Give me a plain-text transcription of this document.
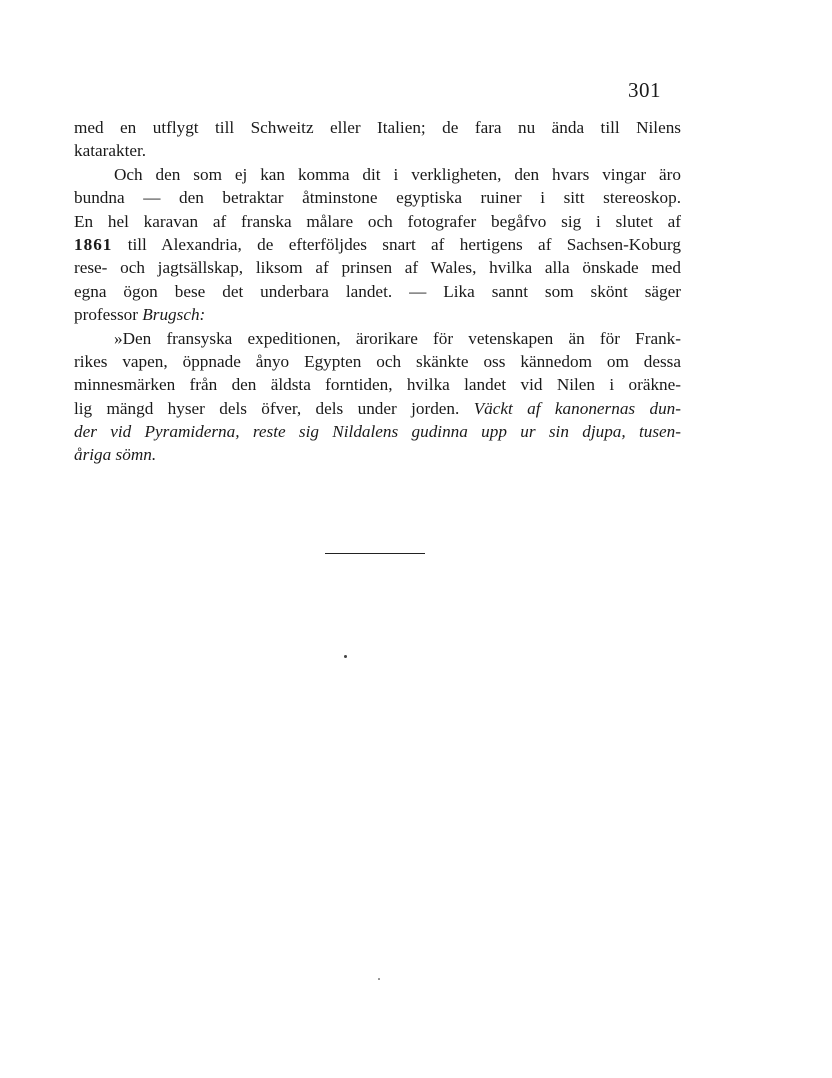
301
med en utflygt till Schweitz eller Italien; de fara nu ända till Nilens
katarakter.
Och den som ej kan komma dit i verkligheten, den hvars vingar äro
bundna — den betraktar åtminstone egyptiska ruiner i sitt stereoskop.
En hel karavan af franska målare och fotografer begåfvo sig i slutet af
1861 till Alexandria, de efterföljdes snart af hertigens af Sachsen-Koburg
rese- och jagtsällskap, liksom af prinsen af Wales, hvilka alla önskade med
egna ögon bese det underbara landet. — Lika sannt som skönt säger
professor Brugsch:
»Den fransyska expeditionen, ärorikare för vetenskapen än för Frank-
rikes vapen, öppnade ånyo Egypten och skänkte oss kännedom om dessa
minnesmärken från den äldsta forntiden, hvilka landet vid Nilen i oräkne-
lig mängd hyser dels öfver, dels under jorden. Väckt af kanonernas dun-
der vid Pyramiderna, reste sig Nildalens gudinna upp ur sin djupa, tusen-
åriga sömn.
